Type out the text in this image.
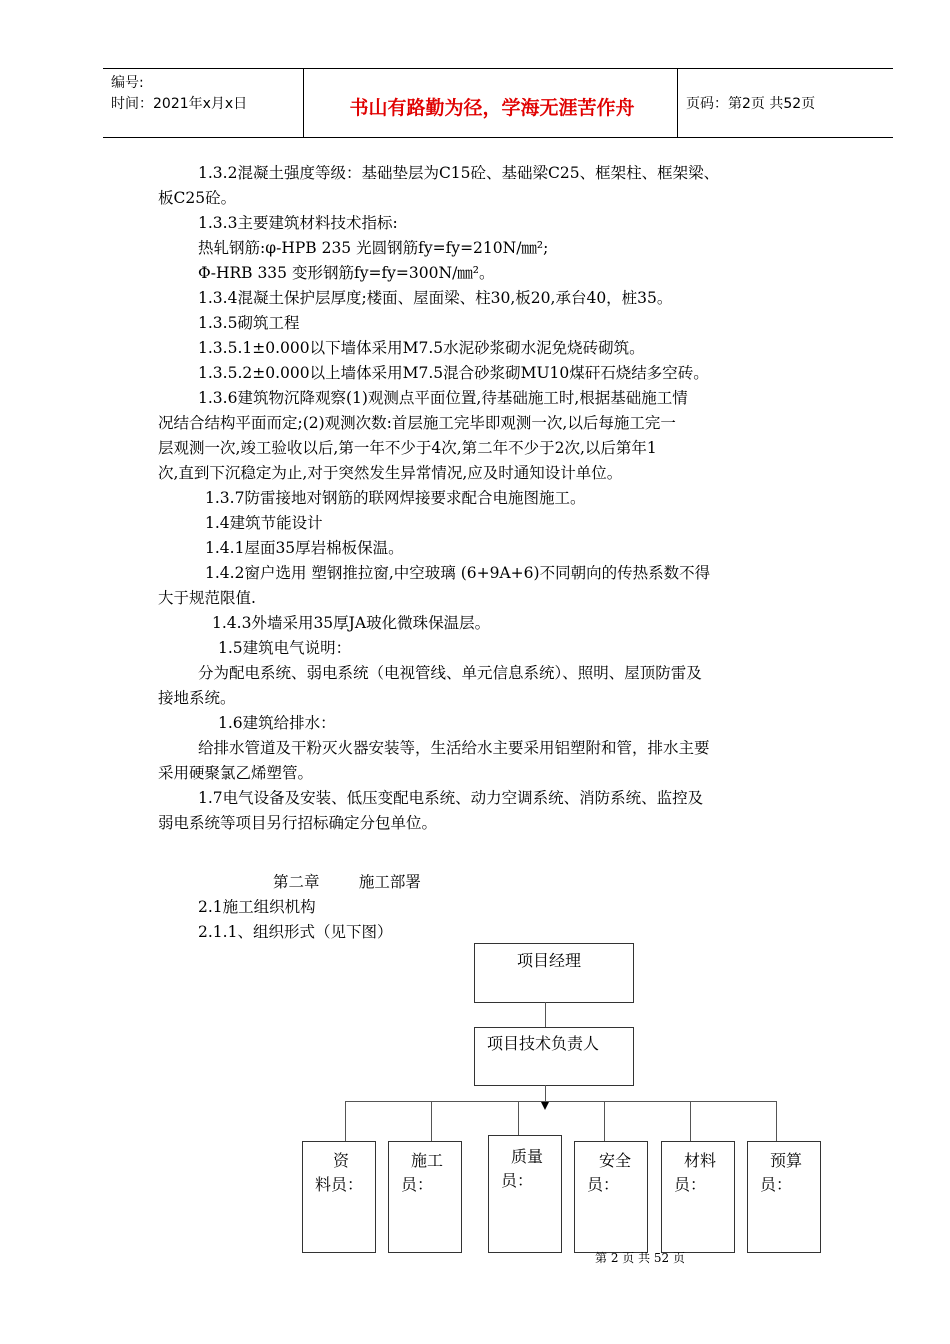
编号:
时间：2021年x月x日	书山有路勤为径，学海无涯苦作舟	页码：第2页 共52页
1.3.2混凝土强度等级：基础垫层为C15砼、基础梁C25、框架柱、框架梁、
板C25砼。
1.3.3主要建筑材料技术指标:
热轧钢筋:φ-HPB 235 光圆钢筋fy=fy=210N/㎜²;
Φ-HRB 335 变形钢筋fy=fy=300N/㎜²。
1.3.4混凝土保护层厚度;楼面、屋面梁、柱30,板20,承台40，桩35。
1.3.5砌筑工程
1.3.5.1±0.000以下墙体采用M7.5水泥砂浆砌水泥免烧砖砌筑。
1.3.5.2±0.000以上墙体采用M7.5混合砂浆砌MU10煤矸石烧结多空砖。
1.3.6建筑物沉降观察(1)观测点平面位置,待基础施工时,根据基础施工情
况结合结构平面而定;(2)观测次数:首层施工完毕即观测一次,以后每施工完一
层观测一次,竣工验收以后,第一年不少于4次,第二年不少于2次,以后第年1
次,直到下沉稳定为止,对于突然发生异常情况,应及时通知设计单位。
1.3.7防雷接地对钢筋的联网焊接要求配合电施图施工。
1.4建筑节能设计
1.4.1屋面35厚岩棉板保温。
1.4.2窗户选用 塑钢推拉窗,中空玻璃 (6+9A+6)不同朝向的传热系数不得
大于规范限值.
1.4.3外墙采用35厚JA玻化微珠保温层。
1.5建筑电气说明：
分为配电系统、弱电系统（电视管线、单元信息系统）、照明、屋顶防雷及
接地系统。
1.6建筑给排水：
给排水管道及干粉灭火器安装等，生活给水主要采用铝塑附和管，排水主要
采用硬聚氯乙烯塑管。
1.7电气设备及安装、低压变配电系统、动力空调系统、消防系统、监控及
弱电系统等项目另行招标确定分包单位。
第二章        施工部署
2.1施工组织机构
2.1.1、组织形式（见下图）
项目经理
项目技术负责人
资
料员：
施工
员：
质量
员：
安全
员：
材料
员：
预算
员：
第 2 页 共 52 页
